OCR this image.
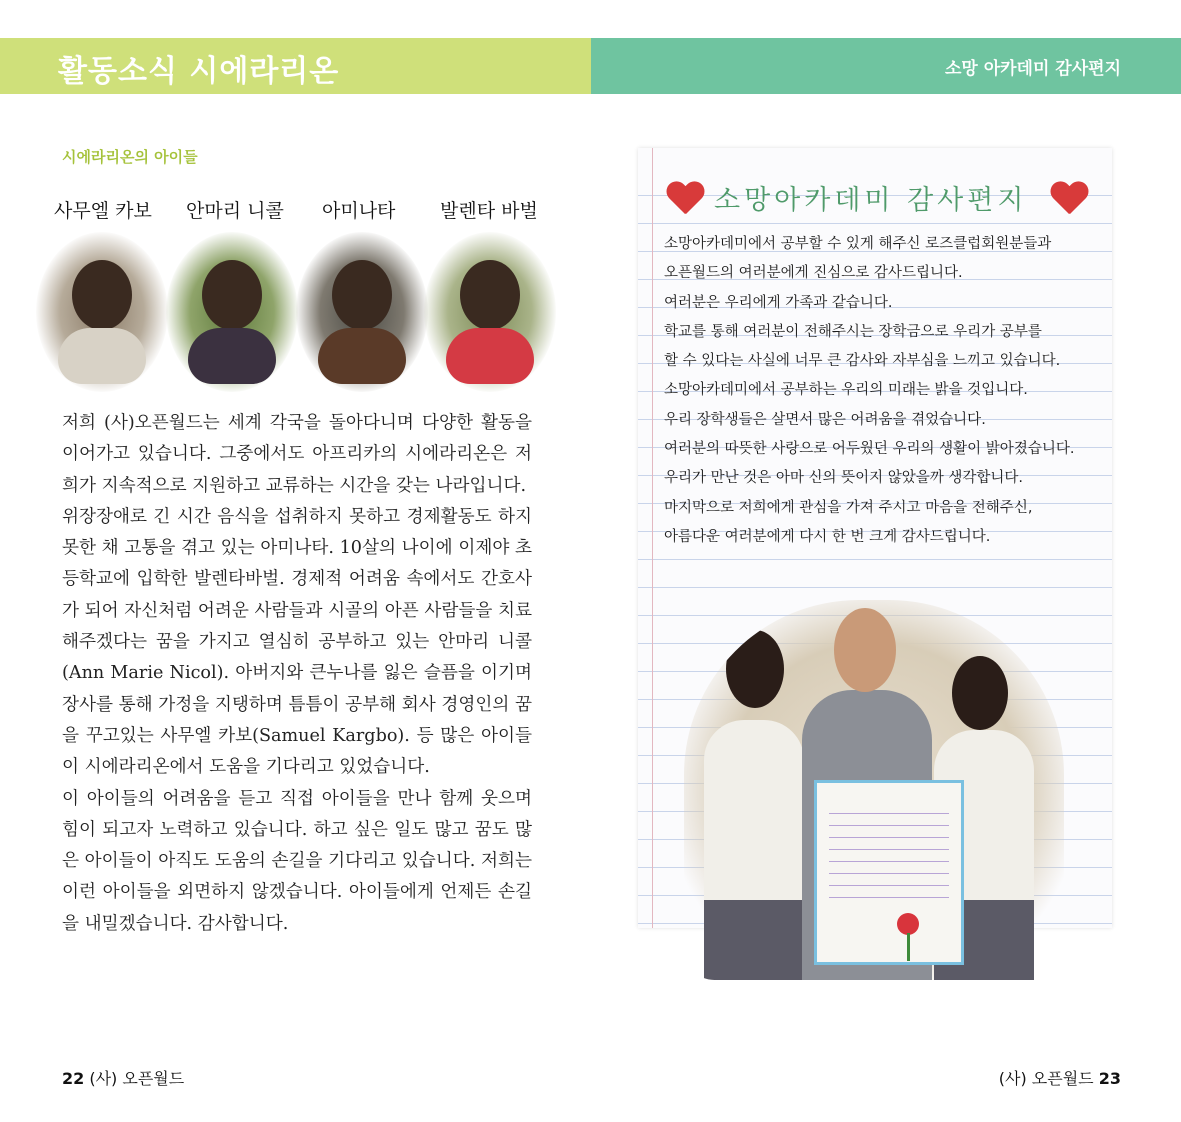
활동소식 시에라리온	소망 아카데미 감사편지
시에라리온의 아이들
사무엘 카보 안마리 니콜 아미나타 발렌타 바벌

저희 (사)오픈월드는 세계 각국을 돌아다니며 다양한 활동을 이어가고 있습니다. 그중에서도 아프리카의 시에라리온은 저희가 지속적으로 지원하고 교류하는 시간을 갖는 나라입니다.

위장장애로 긴 시간 음식을 섭취하지 못하고 경제활동도 하지 못한 채 고통을 겪고 있는 아미나타. 10살의 나이에 이제야 초등학교에 입학한 발렌타바벌. 경제적 어려움 속에서도 간호사가 되어 자신처럼 어려운 사람들과 시골의 아픈 사람들을 치료해주겠다는 꿈을 가지고 열심히 공부하고 있는 안마리 니콜(Ann Marie Nicol). 아버지와 큰누나를 잃은 슬픔을 이기며 장사를 통해 가정을 지탱하며 틈틈이 공부해 회사 경영인의 꿈을 꾸고있는 사무엘 카보(Samuel Kargbo). 등 많은 아이들이 시에라리온에서 도움을 기다리고 있었습니다.

이 아이들의 어려움을 듣고 직접 아이들을 만나 함께 웃으며 힘이 되고자 노력하고 있습니다. 하고 싶은 일도 많고 꿈도 많은 아이들이 아직도 도움의 손길을 기다리고 있습니다. 저희는 이런 아이들을 외면하지 않겠습니다. 아이들에게 언제든 손길을 내밀겠습니다. 감사합니다.

소망아카데미 감사편지
소망아카데미에서 공부할 수 있게 해주신 로즈클럽회원분들과
오픈월드의 여러분에게 진심으로 감사드립니다.
여러분은 우리에게 가족과 같습니다.
학교를 통해 여러분이 전해주시는 장학금으로 우리가 공부를
할 수 있다는 사실에 너무 큰 감사와 자부심을 느끼고 있습니다.
소망아카데미에서 공부하는 우리의 미래는 밝을 것입니다.
우리 장학생들은 살면서 많은 어려움을 겪었습니다.
여러분의 따뜻한 사랑으로 어두웠던 우리의 생활이 밝아졌습니다.
우리가 만난 것은 아마 신의 뜻이지 않았을까 생각합니다.
마지막으로 저희에게 관심을 가져 주시고 마음을 전해주신,
아름다운 여러분에게 다시 한 번 크게 감사드립니다.
22 (사) 오픈월드	(사) 오픈월드 23
